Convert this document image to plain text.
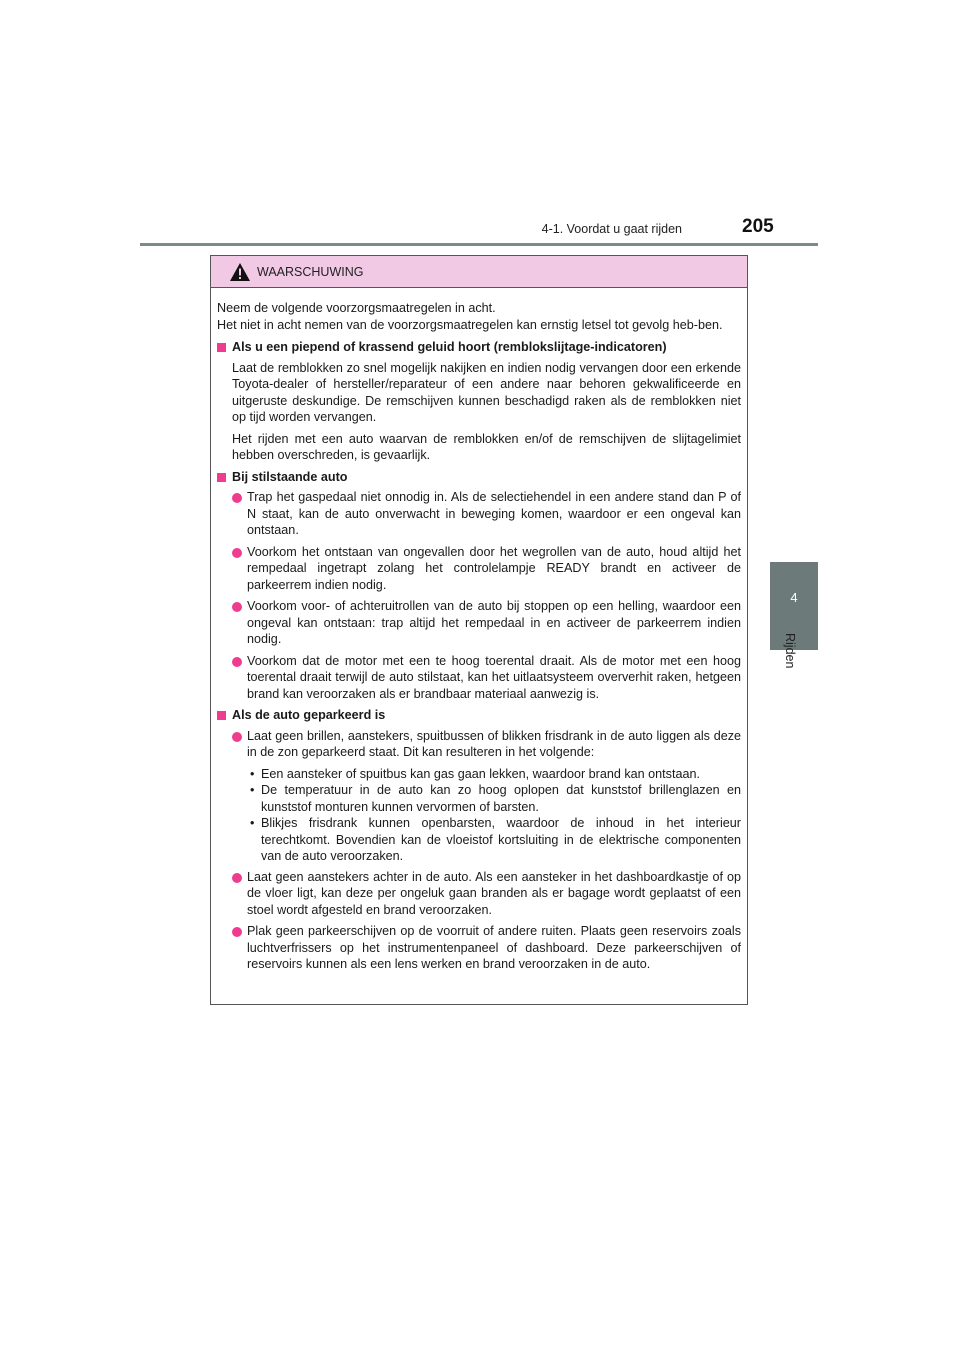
4-1. Voordat u gaat rijden	205
4
Rijden
WAARSCHUWING

Neem de volgende voorzorgsmaatregelen in acht.
Het niet in acht nemen van de voorzorgsmaatregelen kan ernstig letsel tot gevolg heb-ben.

Als u een piepend of krassend geluid hoort (remblokslijtage-indicatoren)

Laat de remblokken zo snel mogelijk nakijken en indien nodig vervangen door een erkende Toyota-dealer of hersteller/reparateur of een andere naar behoren gekwalificeerde en uitgeruste deskundige. De remschijven kunnen beschadigd raken als de remblokken niet op tijd worden vervangen.

Het rijden met een auto waarvan de remblokken en/of de remschijven de slijtagelimiet hebben overschreden, is gevaarlijk.

Bij stilstaande auto

Trap het gaspedaal niet onnodig in. Als de selectiehendel in een andere stand dan P of N staat, kan de auto onverwacht in beweging komen, waardoor er een ongeval kan ontstaan.

Voorkom het ontstaan van ongevallen door het wegrollen van de auto, houd altijd het rempedaal ingetrapt zolang het controlelampje READY brandt en activeer de parkeerrem indien nodig.

Voorkom voor- of achteruitrollen van de auto bij stoppen op een helling, waardoor een ongeval kan ontstaan: trap altijd het rempedaal in en activeer de parkeerrem indien nodig.

Voorkom dat de motor met een te hoog toerental draait. Als de motor met een hoog toerental draait terwijl de auto stilstaat, kan het uitlaatsysteem oververhit raken, hetgeen brand kan veroorzaken als er brandbaar materiaal aanwezig is.

Als de auto geparkeerd is

Laat geen brillen, aanstekers, spuitbussen of blikken frisdrank in de auto liggen als deze in de zon geparkeerd staat. Dit kan resulteren in het volgende:

• Een aansteker of spuitbus kan gas gaan lekken, waardoor brand kan ontstaan.

• De temperatuur in de auto kan zo hoog oplopen dat kunststof brillenglazen en kunststof monturen kunnen vervormen of barsten.

• Blikjes frisdrank kunnen openbarsten, waardoor de inhoud in het interieur terechtkomt. Bovendien kan de vloeistof kortsluiting in de elektrische componenten van de auto veroorzaken.

Laat geen aanstekers achter in de auto. Als een aansteker in het dashboardkastje of op de vloer ligt, kan deze per ongeluk gaan branden als er bagage wordt geplaatst of een stoel wordt afgesteld en brand veroorzaken.

Plak geen parkeerschijven op de voorruit of andere ruiten. Plaats geen reservoirs zoals luchtverfrissers op het instrumentenpaneel of dashboard. Deze parkeerschijven of reservoirs kunnen als een lens werken en brand veroorzaken in de auto.
